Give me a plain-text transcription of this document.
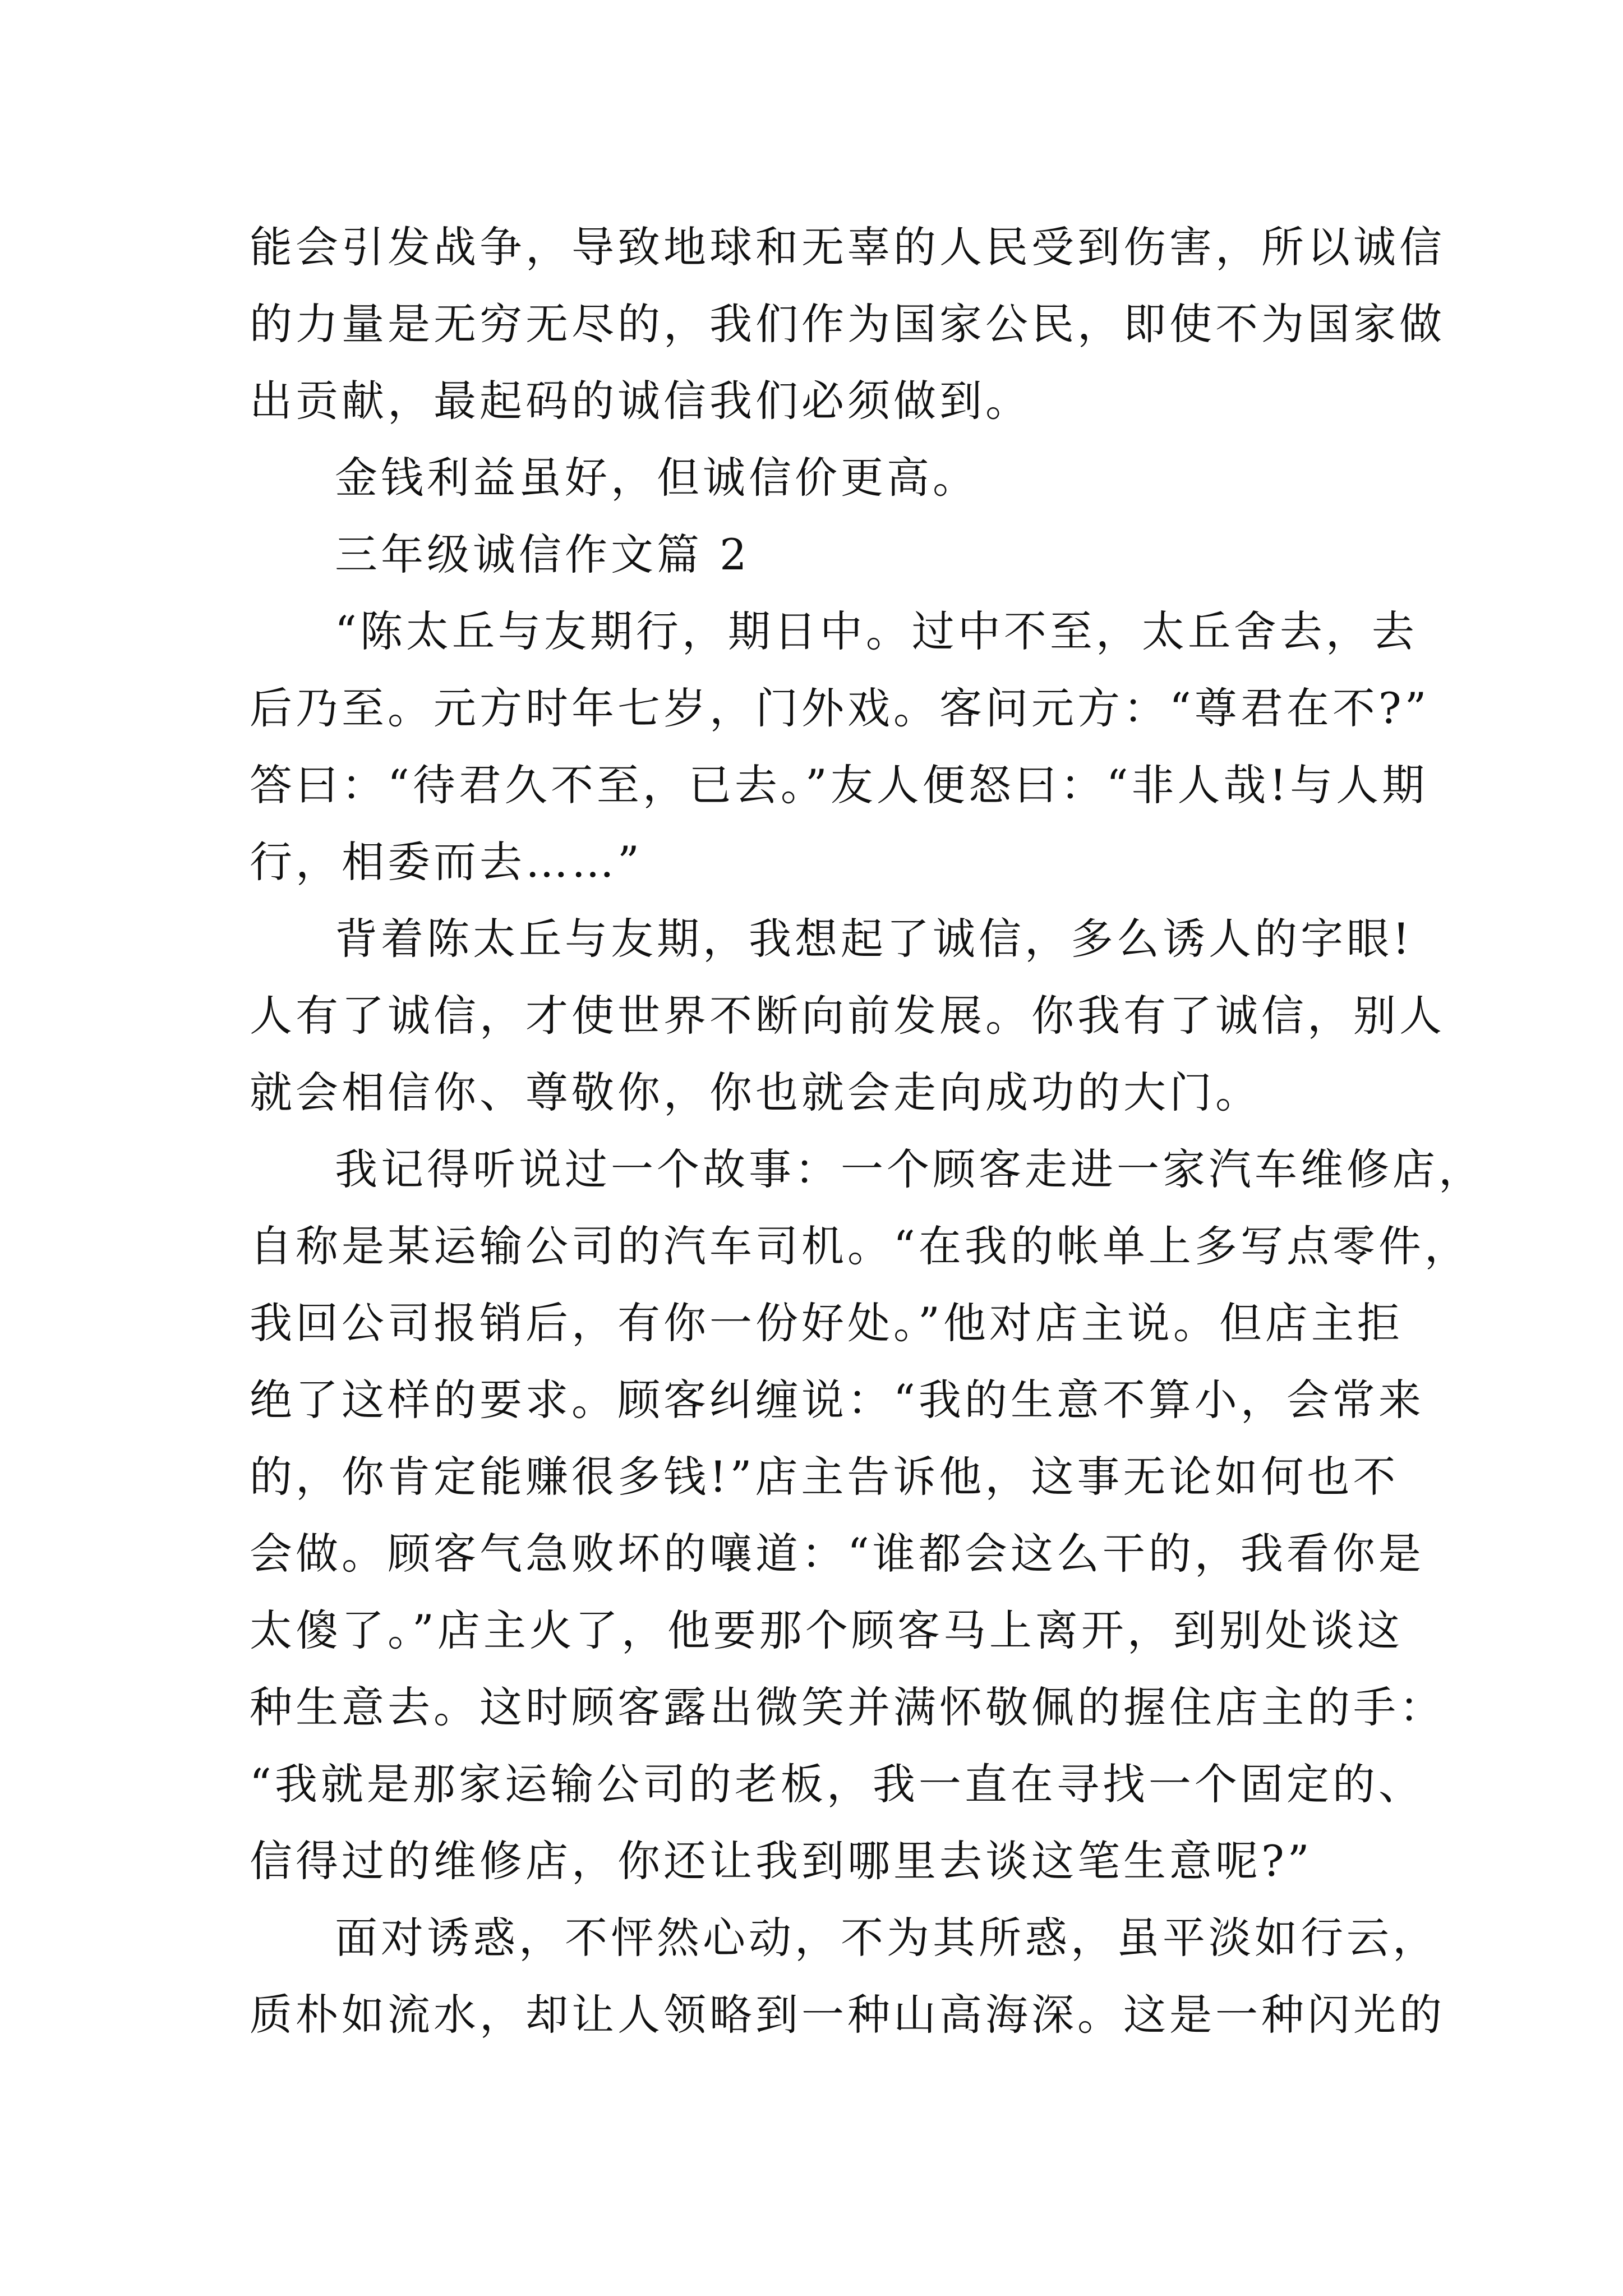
能会引发战争，导致地球和无辜的人民受到伤害，所以诚信
的力量是无穷无尽的，我们作为国家公民，即使不为国家做
出贡献，最起码的诚信我们必须做到。
金钱利益虽好，但诚信价更高。
三年级诚信作文篇 2
“陈太丘与友期行，期日中。过中不至，太丘舍去，去
后乃至。元方时年七岁，门外戏。客问元方：“尊君在不?”
答曰：“待君久不至，已去。”友人便怒曰：“非人哉!与人期
行，相委而去……”
背着陈太丘与友期，我想起了诚信，多么诱人的字眼!
人有了诚信，才使世界不断向前发展。你我有了诚信，别人
就会相信你、尊敬你，你也就会走向成功的大门。
我记得听说过一个故事：一个顾客走进一家汽车维修店，
自称是某运输公司的汽车司机。“在我的帐单上多写点零件，
我回公司报销后，有你一份好处。”他对店主说。但店主拒
绝了这样的要求。顾客纠缠说：“我的生意不算小，会常来
的，你肯定能赚很多钱!”店主告诉他，这事无论如何也不
会做。顾客气急败坏的嚷道：“谁都会这么干的，我看你是
太傻了。”店主火了，他要那个顾客马上离开，到别处谈这
种生意去。这时顾客露出微笑并满怀敬佩的握住店主的手：
“我就是那家运输公司的老板，我一直在寻找一个固定的、
信得过的维修店，你还让我到哪里去谈这笔生意呢?”
面对诱惑，不怦然心动，不为其所惑，虽平淡如行云，
质朴如流水，却让人领略到一种山高海深。这是一种闪光的
